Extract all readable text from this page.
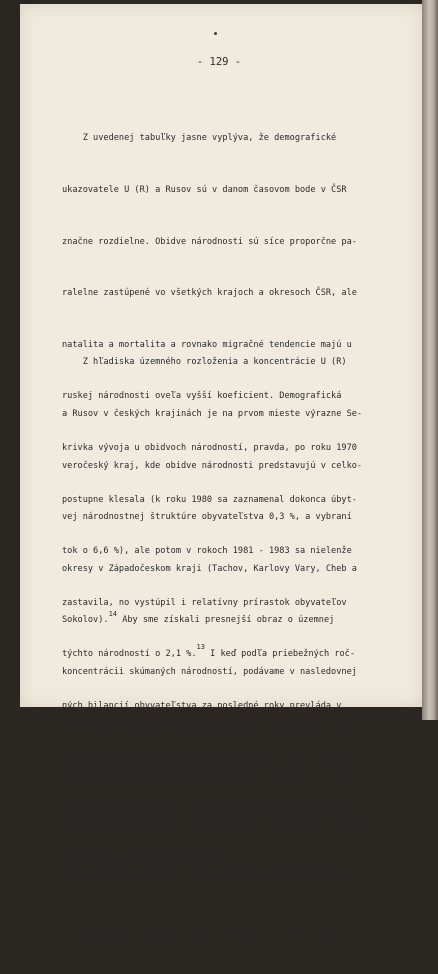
- 129 -

Z uvedenej tabuľky jasne vyplýva, že demografické

ukazovatele U (R) a Rusov sú v danom časovom bode v ČSR

značne rozdielne. Obidve národnosti sú síce proporčne pa-

ralelne zastúpené vo všetkých krajoch a okresoch ČSR, ale

natalita a mortalita a rovnako migračné tendencie majú u

ruskej národnosti oveľa vyšší koeficient. Demografická

krivka vývoja u obidvoch národností, pravda, po roku 1970

postupne klesala (k roku 1980 sa zaznamenal dokonca úbyt-

tok o 6,6 %), ale potom v rokoch 1981 - 1983 sa nielenže

zastavila, no vystúpil i relatívny prírastok obyvateľov

týchto národností o 2,1 %.$^{13}$ I keď podľa priebežných roč-

ných bilancií obyvateľstva za posledné roky prevláda v

českých krajinách mierne prisťahovalectvo U (R) a Rusov,

v dlhodobejšom priemere u obidvoch národností prevažuje

negatívne pasívne migračné saldo.

Z hľadiska územného rozloženia a koncentrácie U (R)

a Rusov v českých krajinách je na prvom mieste výrazne Se-

veročeský kraj, kde obidve národnosti predstavujú v celko-

vej národnostnej štruktúre obyvateľstva 0,3 %, a vybraní

okresy v Západočeskom kraji (Tachov, Karlovy Vary, Cheb a

Sokolov).$^{14}$ Aby sme získali presnejší obraz o územnej

koncentrácii skúmaných národností, podávame v nasledovnej

tabuľke prehľad za kraje a okresy, ako sa ony javia v bi-

lancii obyvateľstva podľa národností v ČSR k 31. 12. 1983.15

V tabuľke uvádzame však iba tie okresy, v ktorých z celkové-

ho úhrnu obyvateľstva U (R) a Rusi presahujú 0,2 % podielu

v národnostnej skladbe daného administratívneho celku:
